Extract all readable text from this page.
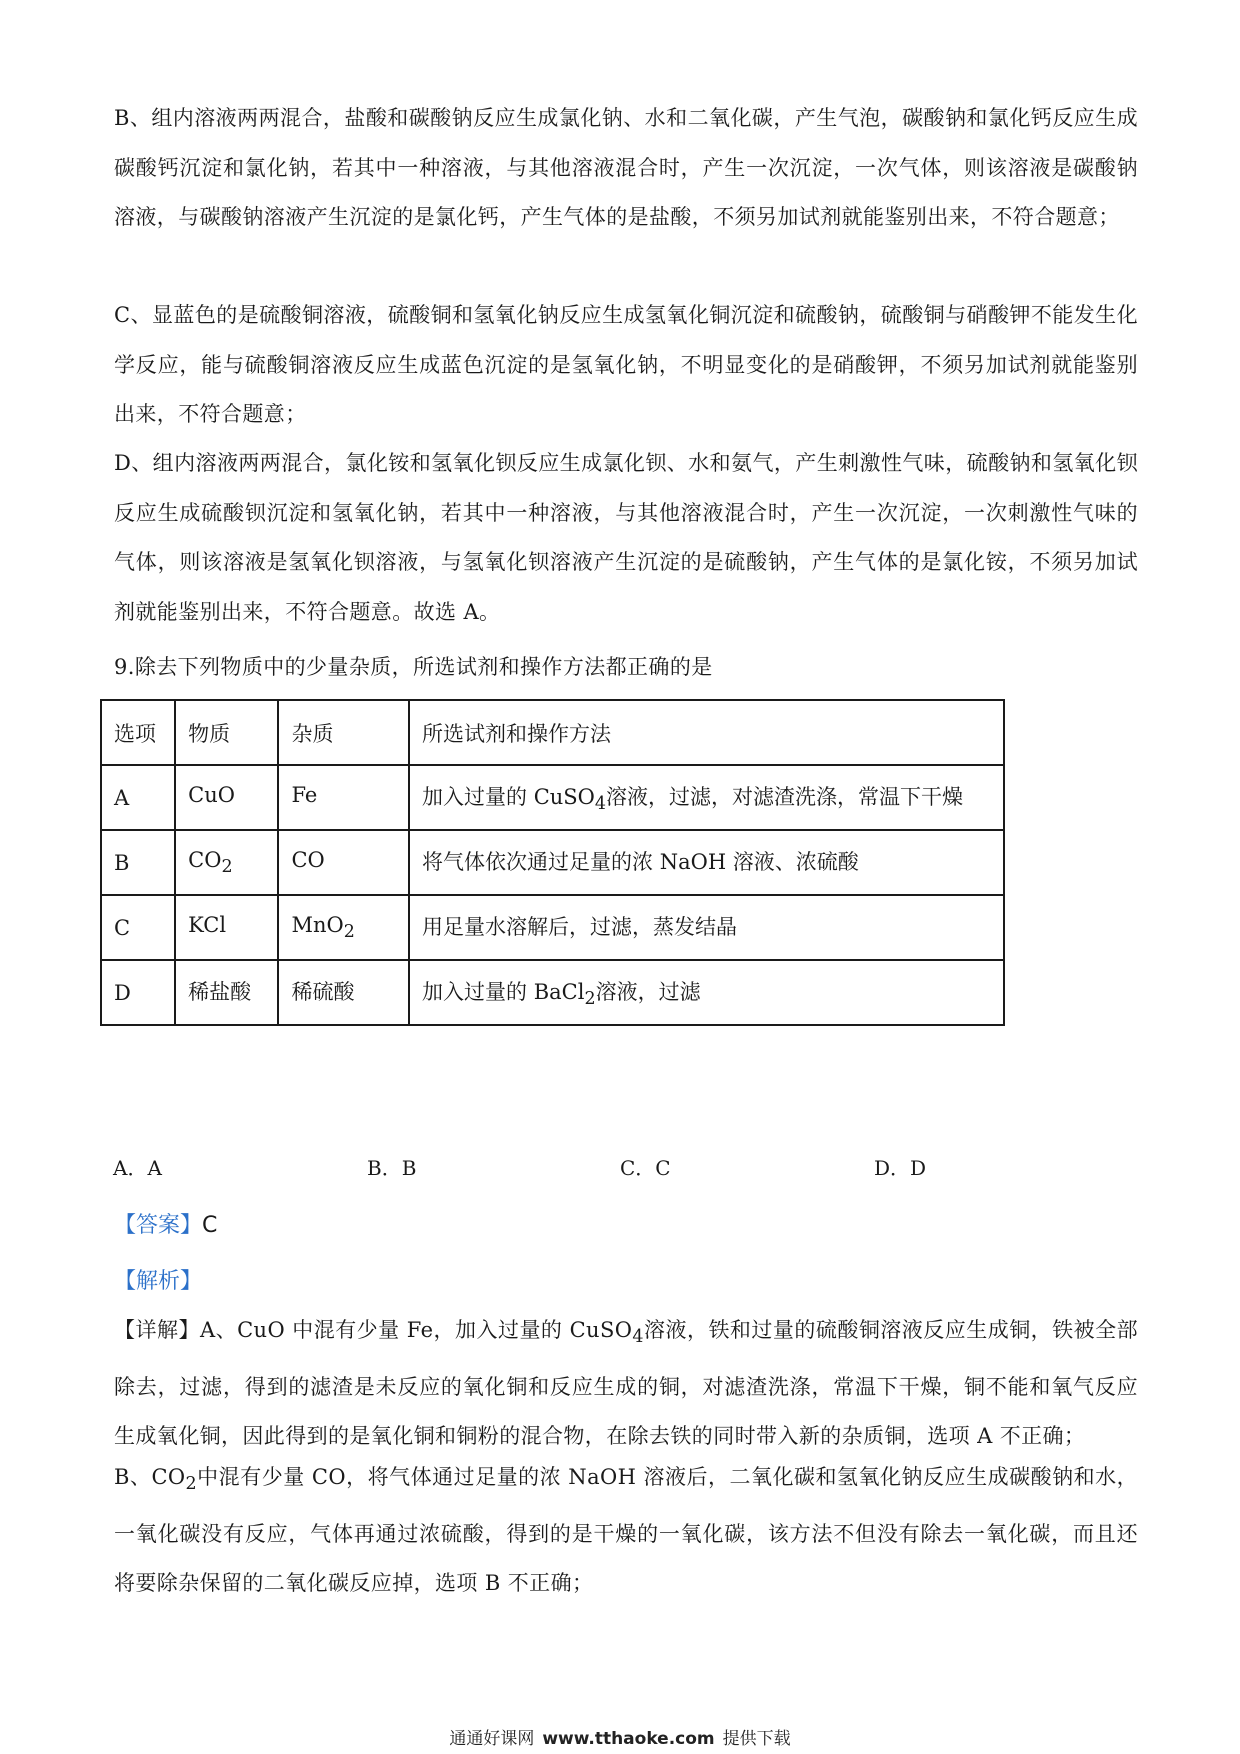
B、组内溶液两两混合，盐酸和碳酸钠反应生成氯化钠、水和二氧化碳，产生气泡，碳酸钠和氯化钙反应生成碳酸钙沉淀和氯化钠，若其中一种溶液，与其他溶液混合时，产生一次沉淀，一次气体，则该溶液是碳酸钠溶液，与碳酸钠溶液产生沉淀的是氯化钙，产生气体的是盐酸，不须另加试剂就能鉴别出来，不符合题意；

C、显蓝色的是硫酸铜溶液，硫酸铜和氢氧化钠反应生成氢氧化铜沉淀和硫酸钠，硫酸铜与硝酸钾不能发生化学反应，能与硫酸铜溶液反应生成蓝色沉淀的是氢氧化钠，不明显变化的是硝酸钾，不须另加试剂就能鉴别出来，不符合题意；

D、组内溶液两两混合，氯化铵和氢氧化钡反应生成氯化钡、水和氨气，产生刺激性气味，硫酸钠和氢氧化钡反应生成硫酸钡沉淀和氢氧化钠，若其中一种溶液，与其他溶液混合时，产生一次沉淀，一次刺激性气味的气体，则该溶液是氢氧化钡溶液，与氢氧化钡溶液产生沉淀的是硫酸钠，产生气体的是氯化铵，不须另加试剂就能鉴别出来，不符合题意。故选 A。

9.除去下列物质中的少量杂质，所选试剂和操作方法都正确的是

选项	物质	杂质	所选试剂和操作方法
A	CuO	Fe	加入过量的 CuSO$_4$溶液，过滤，对滤渣洗涤，常温下干燥
B	$CO_2$	CO	将气体依次通过足量的浓 NaOH 溶液、浓硫酸
C	KCl	MnO$_2$	用足量水溶解后，过滤，蒸发结晶
D	稀盐酸	稀硫酸	加入过量的 BaCl$_2$溶液，过滤
A．A	B．B	C．C	D．D
【答案】C
【解析】

【详解】A、CuO 中混有少量 Fe，加入过量的 CuSO$_4$溶液，铁和过量的硫酸铜溶液反应生成铜，铁被全部除去，过滤，得到的滤渣是未反应的氧化铜和反应生成的铜，对滤渣洗涤，常温下干燥，铜不能和氧气反应生成氧化铜，因此得到的是氧化铜和铜粉的混合物，在除去铁的同时带入新的杂质铜，选项 A 不正确；

B、$CO_2$中混有少量 CO，将气体通过足量的浓 NaOH 溶液后，二氧化碳和氢氧化钠反应生成碳酸钠和水，一氧化碳没有反应，气体再通过浓硫酸，得到的是干燥的一氧化碳，该方法不但没有除去一氧化碳，而且还将要除杂保留的二氧化碳反应掉，选项 B 不正确；

通通好课网 www.tthaoke.com 提供下载
